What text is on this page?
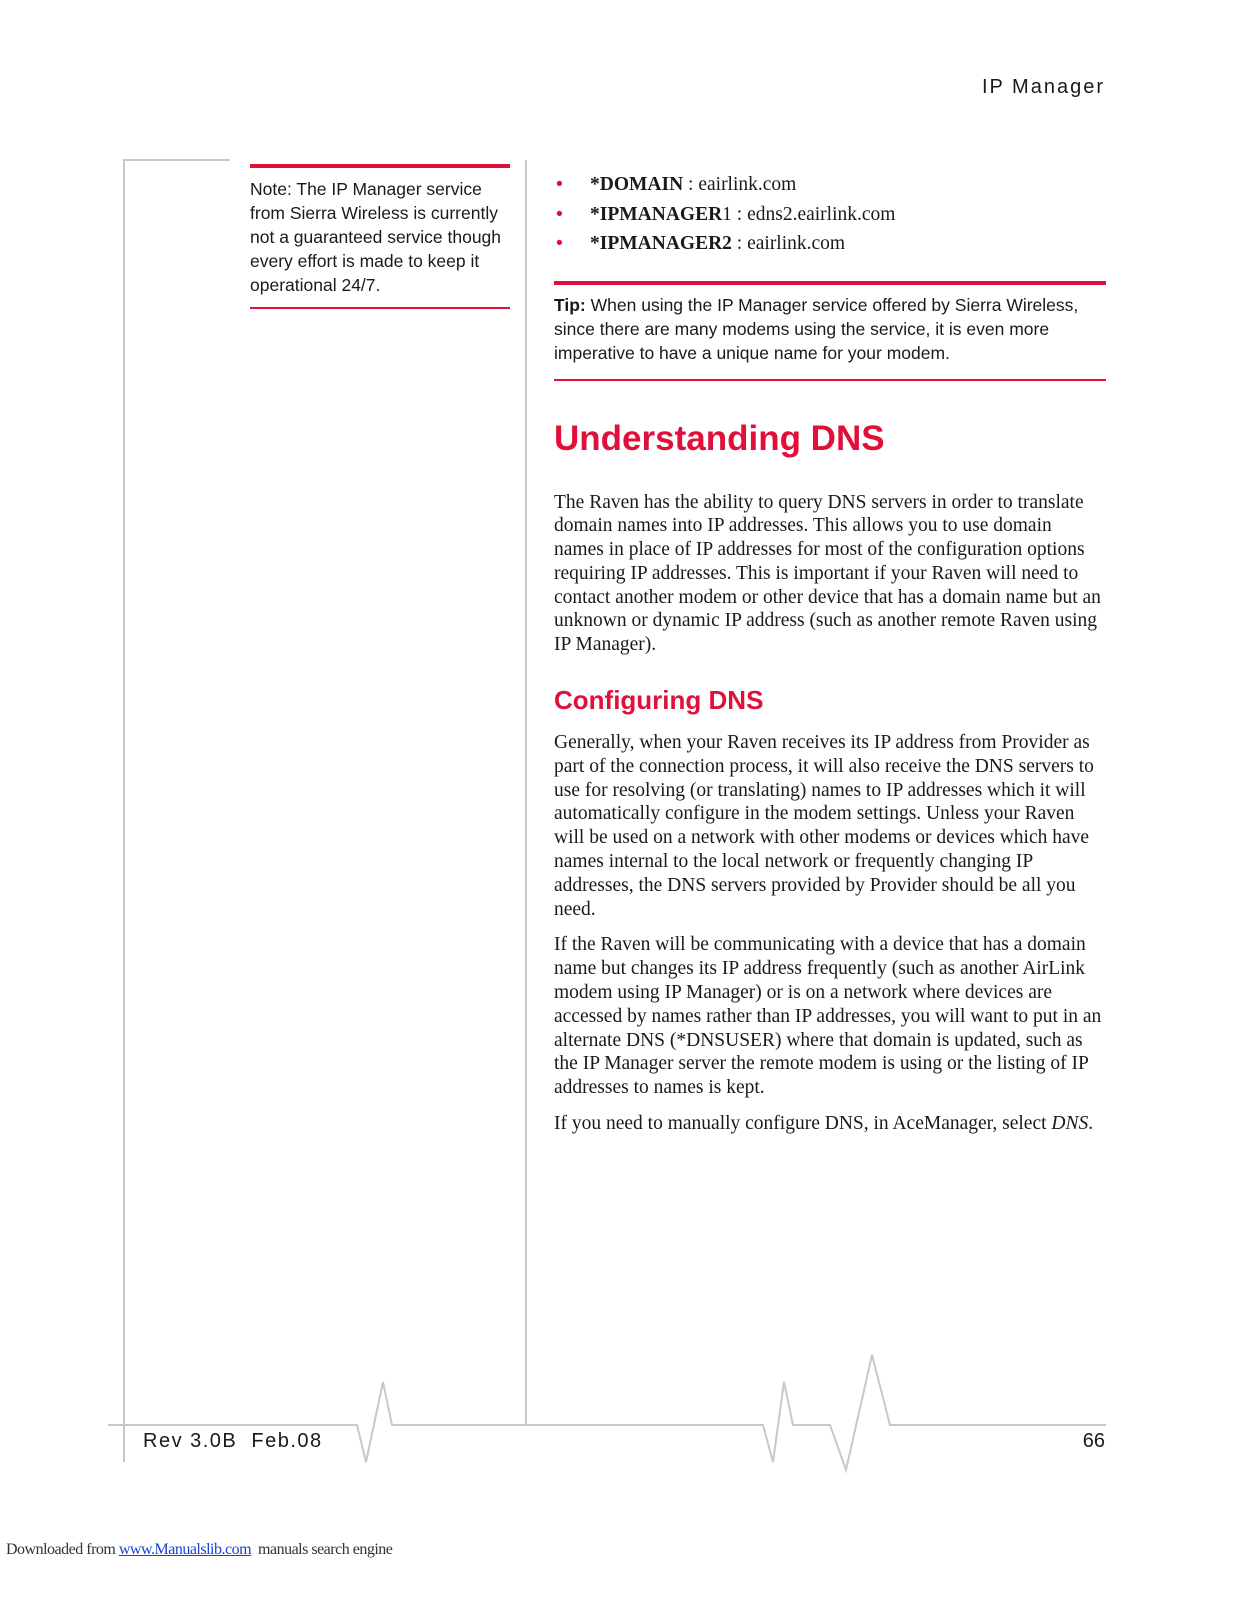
IP Manager
Note: The IP Manager service from Sierra Wireless is currently not a guaranteed service though every effort is made to keep it operational 24/7.
• *DOMAIN : eairlink.com
• *IPMANAGER1 : edns2.eairlink.com
• *IPMANAGER2 : eairlink.com
Tip: When using the IP Manager service offered by Sierra Wireless, since there are many modems using the service, it is even more imperative to have a unique name for your modem.
Understanding DNS

The Raven has the ability to query DNS servers in order to translate domain names into IP addresses. This allows you to use domain names in place of IP addresses for most of the configuration options requiring IP addresses. This is important if your Raven will need to contact another modem or other device that has a domain name but an unknown or dynamic IP address (such as another remote Raven using IP Manager).

Configuring DNS

Generally, when your Raven receives its IP address from Provider as part of the connection process, it will also receive the DNS servers to use for resolving (or translating) names to IP addresses which it will automatically configure in the modem settings. Unless your Raven will be used on a network with other modems or devices which have names internal to the local network or frequently changing IP addresses, the DNS servers provided by Provider should be all you need.

If the Raven will be communicating with a device that has a domain name but changes its IP address frequently (such as another AirLink modem using IP Manager) or is on a network where devices are accessed by names rather than IP addresses, you will want to put in an alternate DNS (*DNSUSER) where that domain is updated, such as the IP Manager server the remote modem is using or the listing of IP addresses to names is kept.

If you need to manually configure DNS, in AceManager, select DNS.

Rev 3.0B  Feb.08	66
Downloaded from www.Manualslib.com  manuals search engine
